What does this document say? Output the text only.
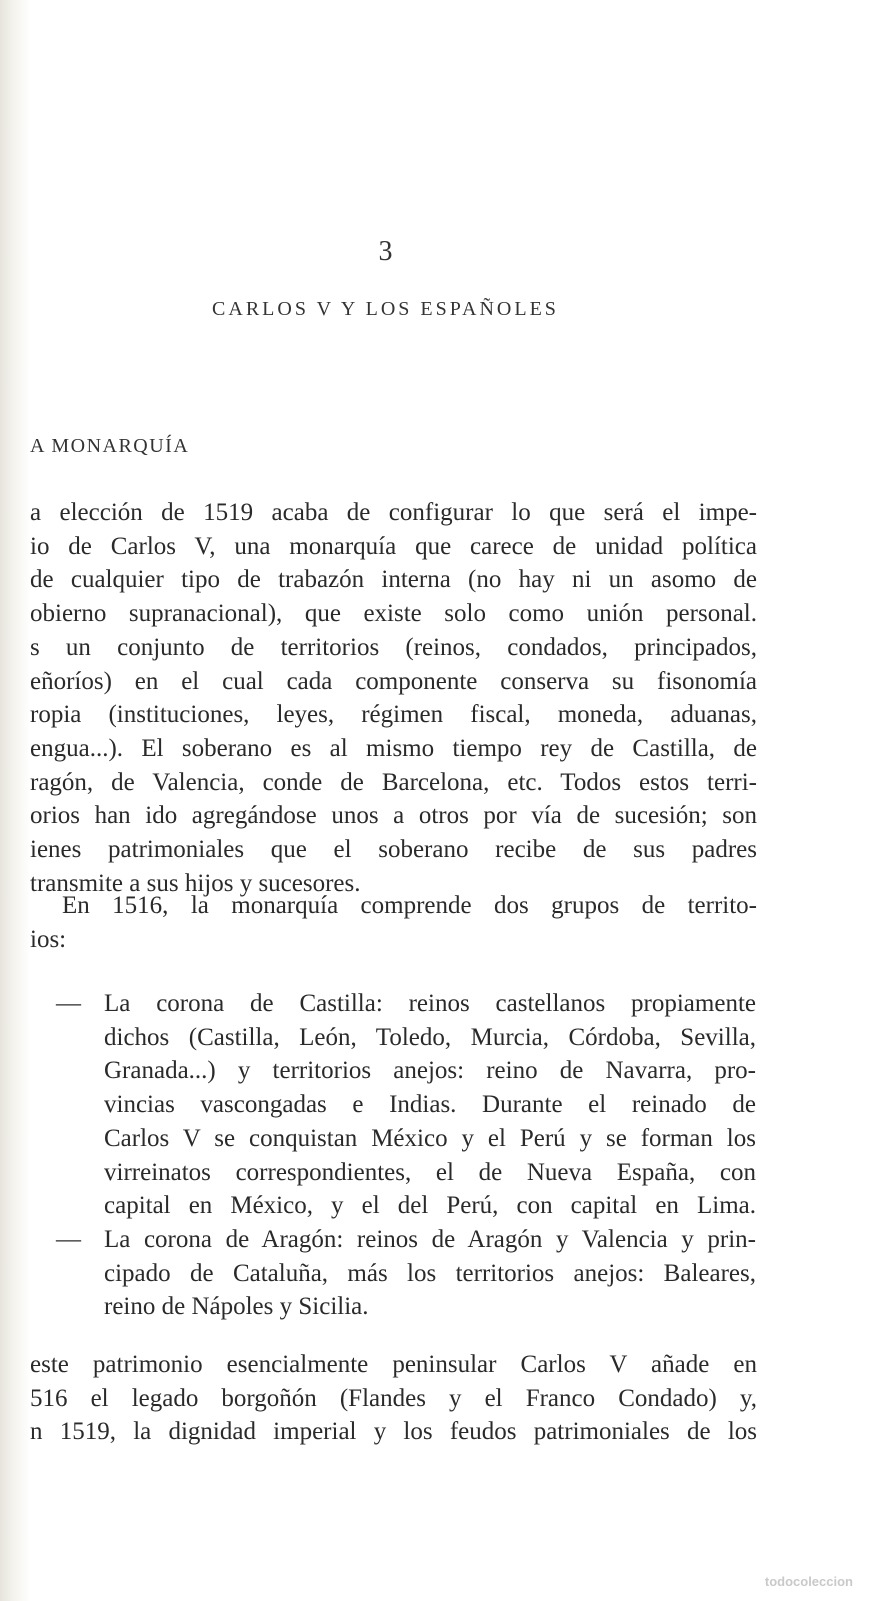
3
CARLOS V Y LOS ESPAÑOLES
A MONARQUÍA
a elección de 1519 acaba de configurar lo que será el impe-
io de Carlos V, una monarquía que carece de unidad política
de cualquier tipo de trabazón interna (no hay ni un asomo de
obierno supranacional), que existe solo como unión personal.
s un conjunto de territorios (reinos, condados, principados,
eñoríos) en el cual cada componente conserva su fisonomía
ropia (instituciones, leyes, régimen fiscal, moneda, aduanas,
engua...). El soberano es al mismo tiempo rey de Castilla, de
ragón, de Valencia, conde de Barcelona, etc. Todos estos terri-
orios han ido agregándose unos a otros por vía de sucesión; son
ienes patrimoniales que el soberano recibe de sus padres
transmite a sus hijos y sucesores.
En 1516, la monarquía comprende dos grupos de territo-
ios:
— La corona de Castilla: reinos castellanos propiamente
dichos (Castilla, León, Toledo, Murcia, Córdoba, Sevilla,
Granada...) y territorios anejos: reino de Navarra, pro-
vincias vascongadas e Indias. Durante el reinado de
Carlos V se conquistan México y el Perú y se forman los
virreinatos correspondientes, el de Nueva España, con
capital en México, y el del Perú, con capital en Lima.
— La corona de Aragón: reinos de Aragón y Valencia y prin-
cipado de Cataluña, más los territorios anejos: Baleares,
reino de Nápoles y Sicilia.
este patrimonio esencialmente peninsular Carlos V añade en
516 el legado borgoñón (Flandes y el Franco Condado) y,
n 1519, la dignidad imperial y los feudos patrimoniales de los
todocoleccion
